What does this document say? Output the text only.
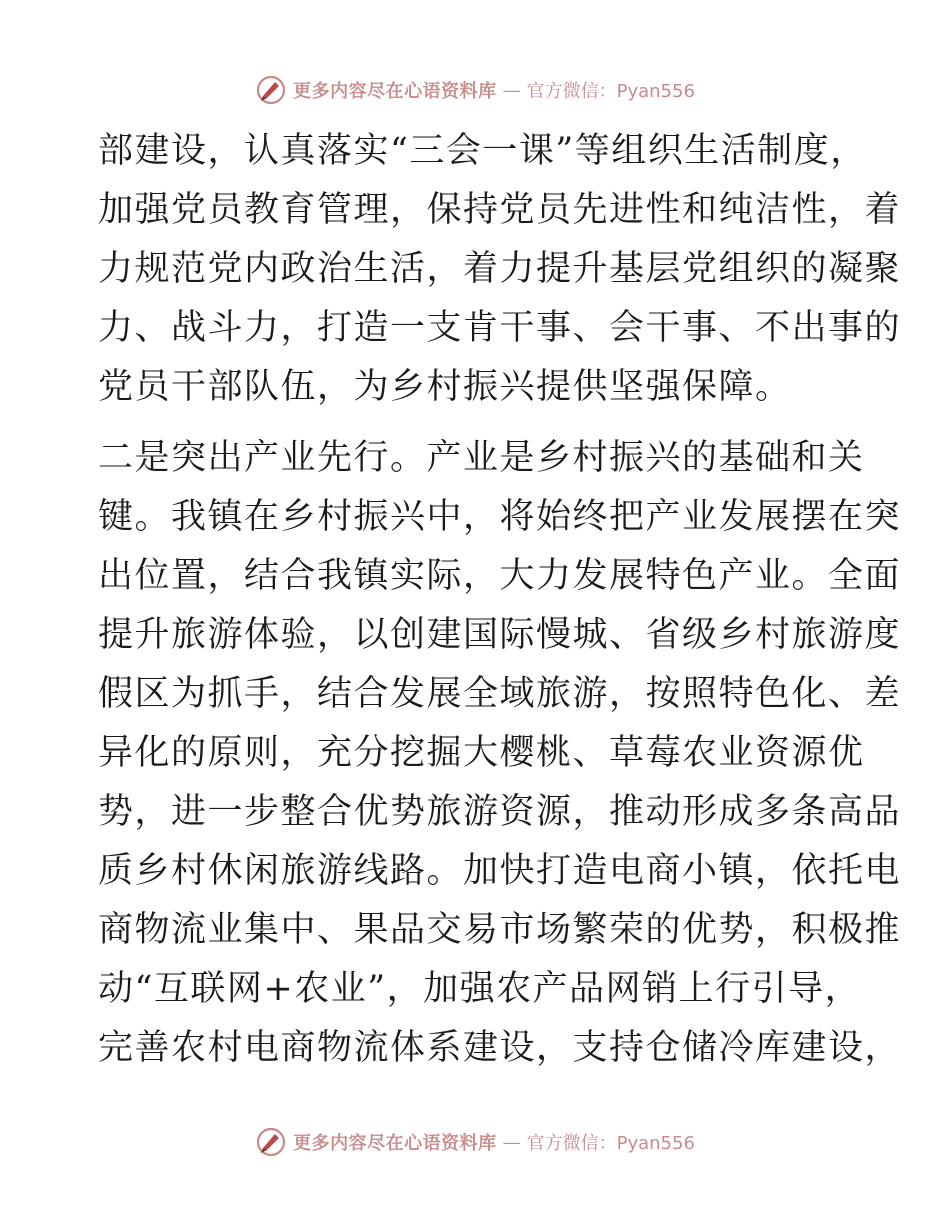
更多内容尽在心语资料库 — 官方微信：Pyan556
部建设，认真落实“三会一课”等组织生活制度，
加强党员教育管理，保持党员先进性和纯洁性，着
力规范党内政治生活，着力提升基层党组织的凝聚
力、战斗力，打造一支肯干事、会干事、不出事的
党员干部队伍，为乡村振兴提供坚强保障。
二是突出产业先行。产业是乡村振兴的基础和关
键。我镇在乡村振兴中，将始终把产业发展摆在突
出位置，结合我镇实际，大力发展特色产业。全面
提升旅游体验，以创建国际慢城、省级乡村旅游度
假区为抓手，结合发展全域旅游，按照特色化、差
异化的原则，充分挖掘大樱桃、草莓农业资源优
势，进一步整合优势旅游资源，推动形成多条高品
质乡村休闲旅游线路。加快打造电商小镇，依托电
商物流业集中、果品交易市场繁荣的优势，积极推
动“互联网+农业”，加强农产品网销上行引导，
完善农村电商物流体系建设，支持仓储冷库建设，
更多内容尽在心语资料库 — 官方微信：Pyan556
